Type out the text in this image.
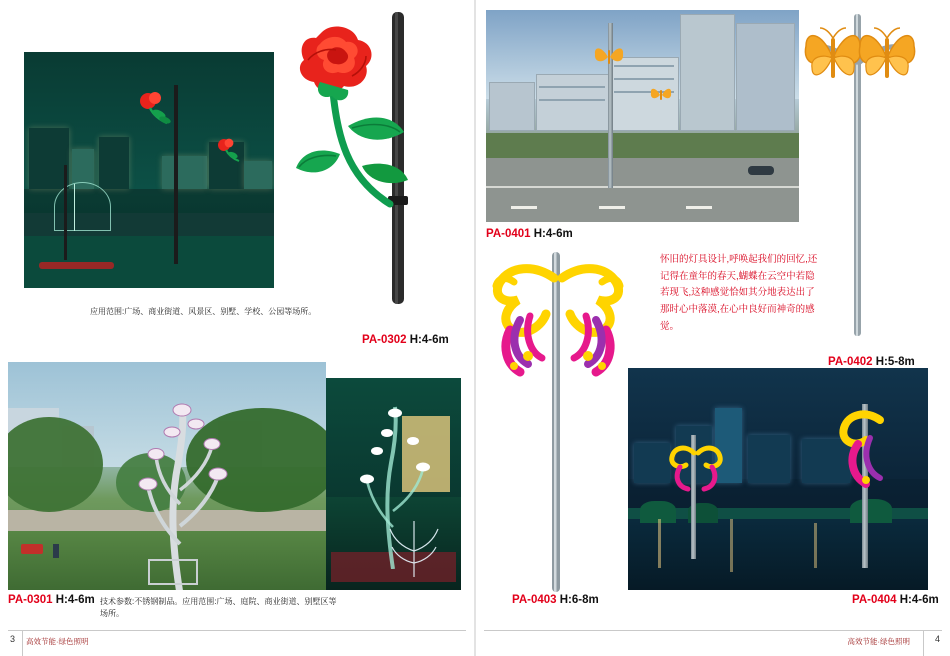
应用范围:广场、商业街道、风景区、别墅、学校、公园等场所。
PA-0302 H:4-6m
PA-0301 H:4-6m 技术参数:不锈钢制品。应用范围:广场、庭院、商业街道、别墅区等场所。
3 高效节能·绿色照明
PA-0401 H:4-6m
PA-0402 H:5-8m
PA-0403 H:6-8m
怀旧的灯具设计,呼唤起我们的回忆,还记得在童年的春天,蝴蝶在云空中若隐若现飞,这种感觉恰如其分地表达出了那时心中落漠,在心中良好而神奇的感觉。
PA-0404 H:4-6m
高效节能·绿色照明	4
